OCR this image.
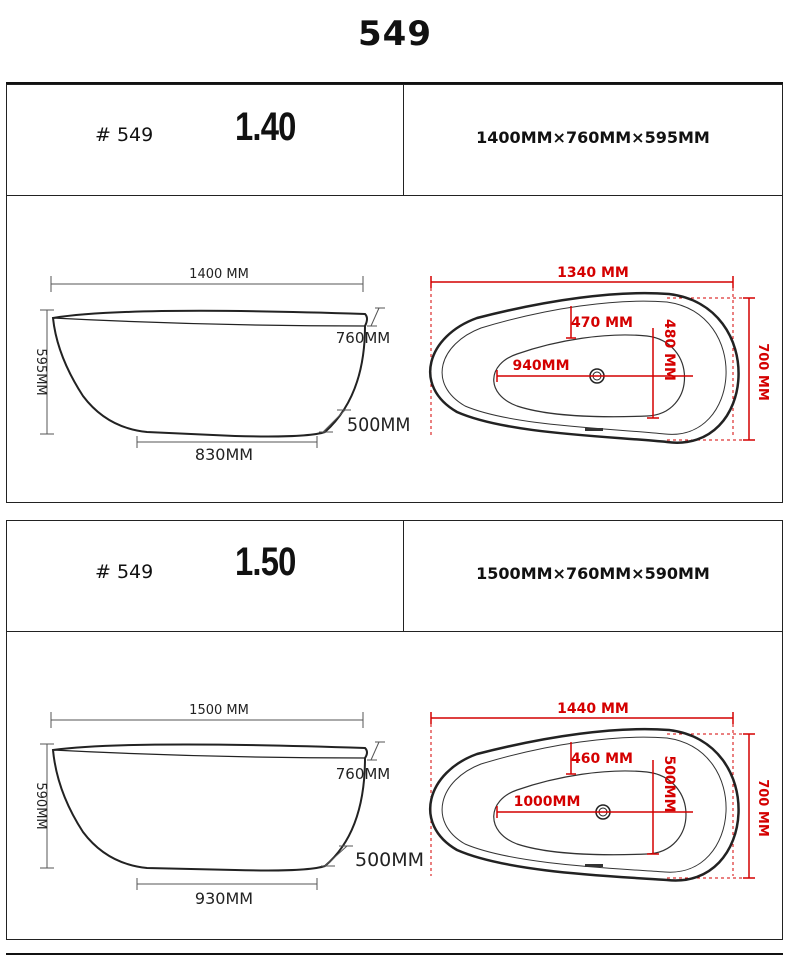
549
# 549 1.40	1400MM×760MM×595MM
1400 MM
595MM
760MM
500MM
830MM
1340 MM
700 MM
940MM	480 MM
470 MM
# 549 1.50	1500MM×760MM×590MM
1500 MM
590MM
760MM
500MM
930MM
1440 MM
700 MM
1000MM	500MM
460 MM
